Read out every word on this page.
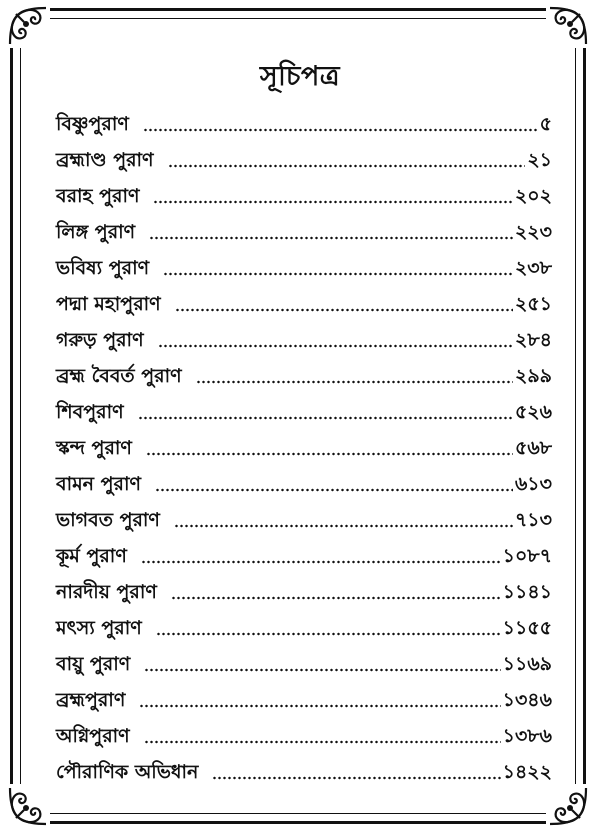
সূচিপত্র
বিষ্ণুপুরাণ	৫
ব্রহ্মাণ্ড পুরাণ	২১
বরাহ পুরাণ	২০২
লিঙ্গ পুরাণ	২২৩
ভবিষ্য পুরাণ	২৩৮
পদ্মা মহাপুরাণ	২৫১
গরুড় পুরাণ	২৮৪
ব্রহ্ম বৈবর্ত পুরাণ	২৯৯
শিবপুরাণ	৫২৬
স্কন্দ পুরাণ	৫৬৮
বামন পুরাণ	৬১৩
ভাগবত পুরাণ	৭১৩
কূর্ম পুরাণ	১০৮৭
নারদীয় পুরাণ	১১৪১
মৎস্য পুরাণ	১১৫৫
বায়ু পুরাণ	১১৬৯
ব্রহ্মপুরাণ	১৩৪৬
অগ্নিপুরাণ	১৩৮৬
পৌরাণিক অভিধান	১৪২২
